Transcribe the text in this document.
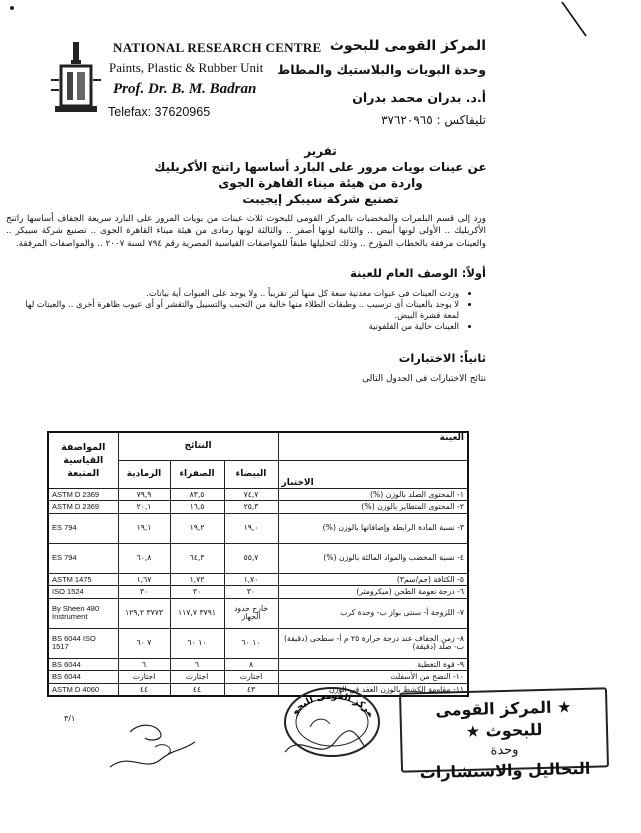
NATIONAL RESEARCH CENTRE
Paints, Plastic & Rubber Unit
Prof. Dr. B. M. Badran
Telefax: 37620965
المركز القومى للبحوث
وحدة البويات والبلاستيك والمطاط
أ.د. بدران محمد بدران
تليفاكس : ٣٧٦٢٠٩٦٥
تقرير
عن عينات بويات مرور على البارد أساسها راتنج الأكريليك
واردة من هيئة ميناء القاهرة الجوى
تصنيع شركة سيبكر إيجيبت
ورد إلى قسم البلمرات والمخضبات بالمركز القومى للبحوث ثلاث عينات من بويات المرور على البارد سريعة الجفاف أساسها راتنج الأكريليك .. الأولى لونها أبيض .. والثانية لونها أصفر .. والثالثة لونها رمادى من هيئة ميناء القاهرة الجوى .. تصنيع شركة سيبكر .. والعينات مرفقة بالخطاب المؤرخ .. وذلك لتحليلها طبقاً للمواصفات القياسية المصرية رقم ٧٩٤ لسنة ٢٠٠٧ .. والمواصفات المرفقة.
أولاً: الوصف العام للعينة
• وردت العينات فى عبوات معدنية سعة كل منها لتر تقريباً .. ولا يوجد على العبوات أية بيانات.
• لا يوجد بالعينات أى ترسيب .. وطبقات الطلاء منها خالية من التحبب والتسييل والتقشر أو أى عيوب ظاهرة أخرى .. والعينات لها لمعة قشرة البيض.
• العينات خالية من الفلفونية
ثانياً: الاختبارات
نتائج الاختبارات فى الجدول التالى
المواصفة القياسية المتبعة	النتائج			العينة
	الرمادية	الصفراء	البيضاء	الاختبار
ASTM D 2369	٧٩,٩	٨٣,٥	٧٤,٧	١- المحتوى الصلد بالوزن (%)
ASTM D 2369	٢٠,١	١٦,٥	٢٥,٣	٢- المحتوى المتطاير بالوزن (%)
ES 794	١٩,١	١٩,٢	١٩,٠	٣- نسبة المادة الرابطة وإضافاتها بالوزن (%)
ES 794	٦٠,٨	٦٤,٣	٥٥,٧	٤- نسبة المخضب والمواد المالئة بالوزن (%)
ASTM 1475	١,٦٧	١,٧٢	١,٧٠	٥- الكثافة (جم/سم٣)
ISO 1524	٣٠	٣٠	٣٠	٦- درجة نعومة الطحن (ميكرومتر)
By Sheen 480 Instrument	٣٧٧٣ ١٢٩,٢	٣٧٩١ ١١٧,٧	خارج حدود الجهاز	٧- اللزوجة أ- سنتى بواز ب- وحدة كرب
BS 6044 ISO 1517	٧ ٦٠	١٠ ٦٠	١٠ ٦٠	٨- زمن الجفاف عند درجة حرارة ٢٥ م أ- سطحى (دقيقة) ب- صلد (دقيقة)
BS 6044	٦	٦	٨	٩- قوة التغطية
BS 6044	اجتارت	اجتارت	اجتارت	١٠- النضح من الأسفلت
ASTM D 4060	٤٤	٤٤	٤٣	١١- مقاومة الكشط بالوزن العفد في الوزن
٣/١	مركز القومى للبحو	★ المركز القومى للبحوث ★
وحدة
التحاليل والاستشارات
